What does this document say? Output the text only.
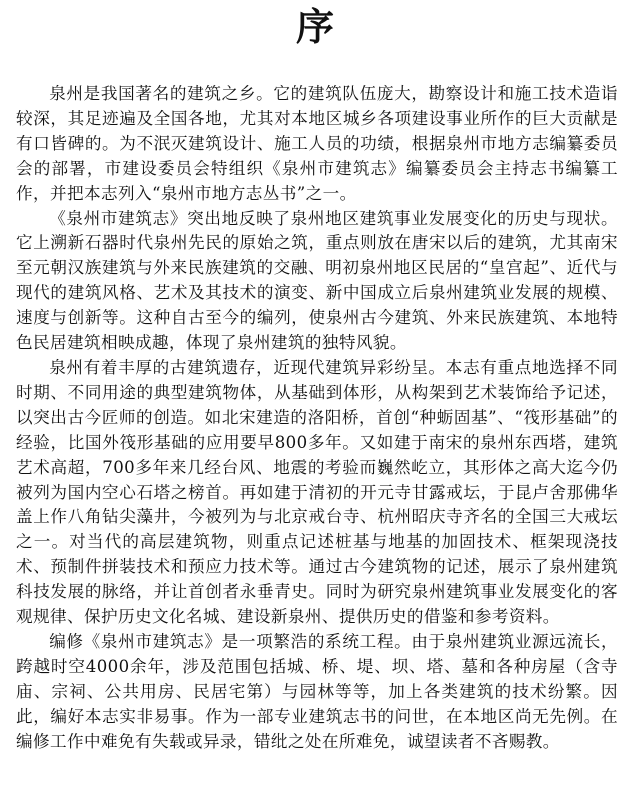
序

泉州是我国著名的建筑之乡。它的建筑队伍庞大，勘察设计和施工技术造诣较深，其足迹遍及全国各地，尤其对本地区城乡各项建设事业所作的巨大贡献是有口皆碑的。为不泯灭建筑设计、施工人员的功绩，根据泉州市地方志编纂委员会的部署，市建设委员会特组织《泉州市建筑志》编纂委员会主持志书编纂工作，并把本志列入“泉州市地方志丛书”之一。

《泉州市建筑志》突出地反映了泉州地区建筑事业发展变化的历史与现状。它上溯新石器时代泉州先民的原始之筑，重点则放在唐宋以后的建筑，尤其南宋至元朝汉族建筑与外来民族建筑的交融、明初泉州地区民居的“皇宫起”、近代与现代的建筑风格、艺术及其技术的演变、新中国成立后泉州建筑业发展的规模、速度与创新等。这种自古至今的编列，使泉州古今建筑、外来民族建筑、本地特色民居建筑相映成趣，体现了泉州建筑的独特风貌。

泉州有着丰厚的古建筑遗存，近现代建筑异彩纷呈。本志有重点地选择不同时期、不同用途的典型建筑物体，从基础到体形，从构架到艺术装饰给予记述，以突出古今匠师的创造。如北宋建造的洛阳桥，首创“种蛎固基”、“筏形基础”的经验，比国外筏形基础的应用要早800多年。又如建于南宋的泉州东西塔，建筑艺术高超，700多年来几经台风、地震的考验而巍然屹立，其形体之高大迄今仍被列为国内空心石塔之榜首。再如建于清初的开元寺甘露戒坛，于昆卢舍那佛华盖上作八角钻尖藻井，今被列为与北京戒台寺、杭州昭庆寺齐名的全国三大戒坛之一。对当代的高层建筑物，则重点记述桩基与地基的加固技术、框架现浇技术、预制件拼装技术和预应力技术等。通过古今建筑物的记述，展示了泉州建筑科技发展的脉络，并让首创者永垂青史。同时为研究泉州建筑事业发展变化的客观规律、保护历史文化名城、建设新泉州、提供历史的借鉴和参考资料。

编修《泉州市建筑志》是一项繁浩的系统工程。由于泉州建筑业源远流长，跨越时空4000余年，涉及范围包括城、桥、堤、坝、塔、墓和各种房屋（含寺庙、宗祠、公共用房、民居宅第）与园林等等，加上各类建筑的技术纷繁。因此，编好本志实非易事。作为一部专业建筑志书的问世，在本地区尚无先例。在编修工作中难免有失载或异录，错纰之处在所难免，诚望读者不吝赐教。
